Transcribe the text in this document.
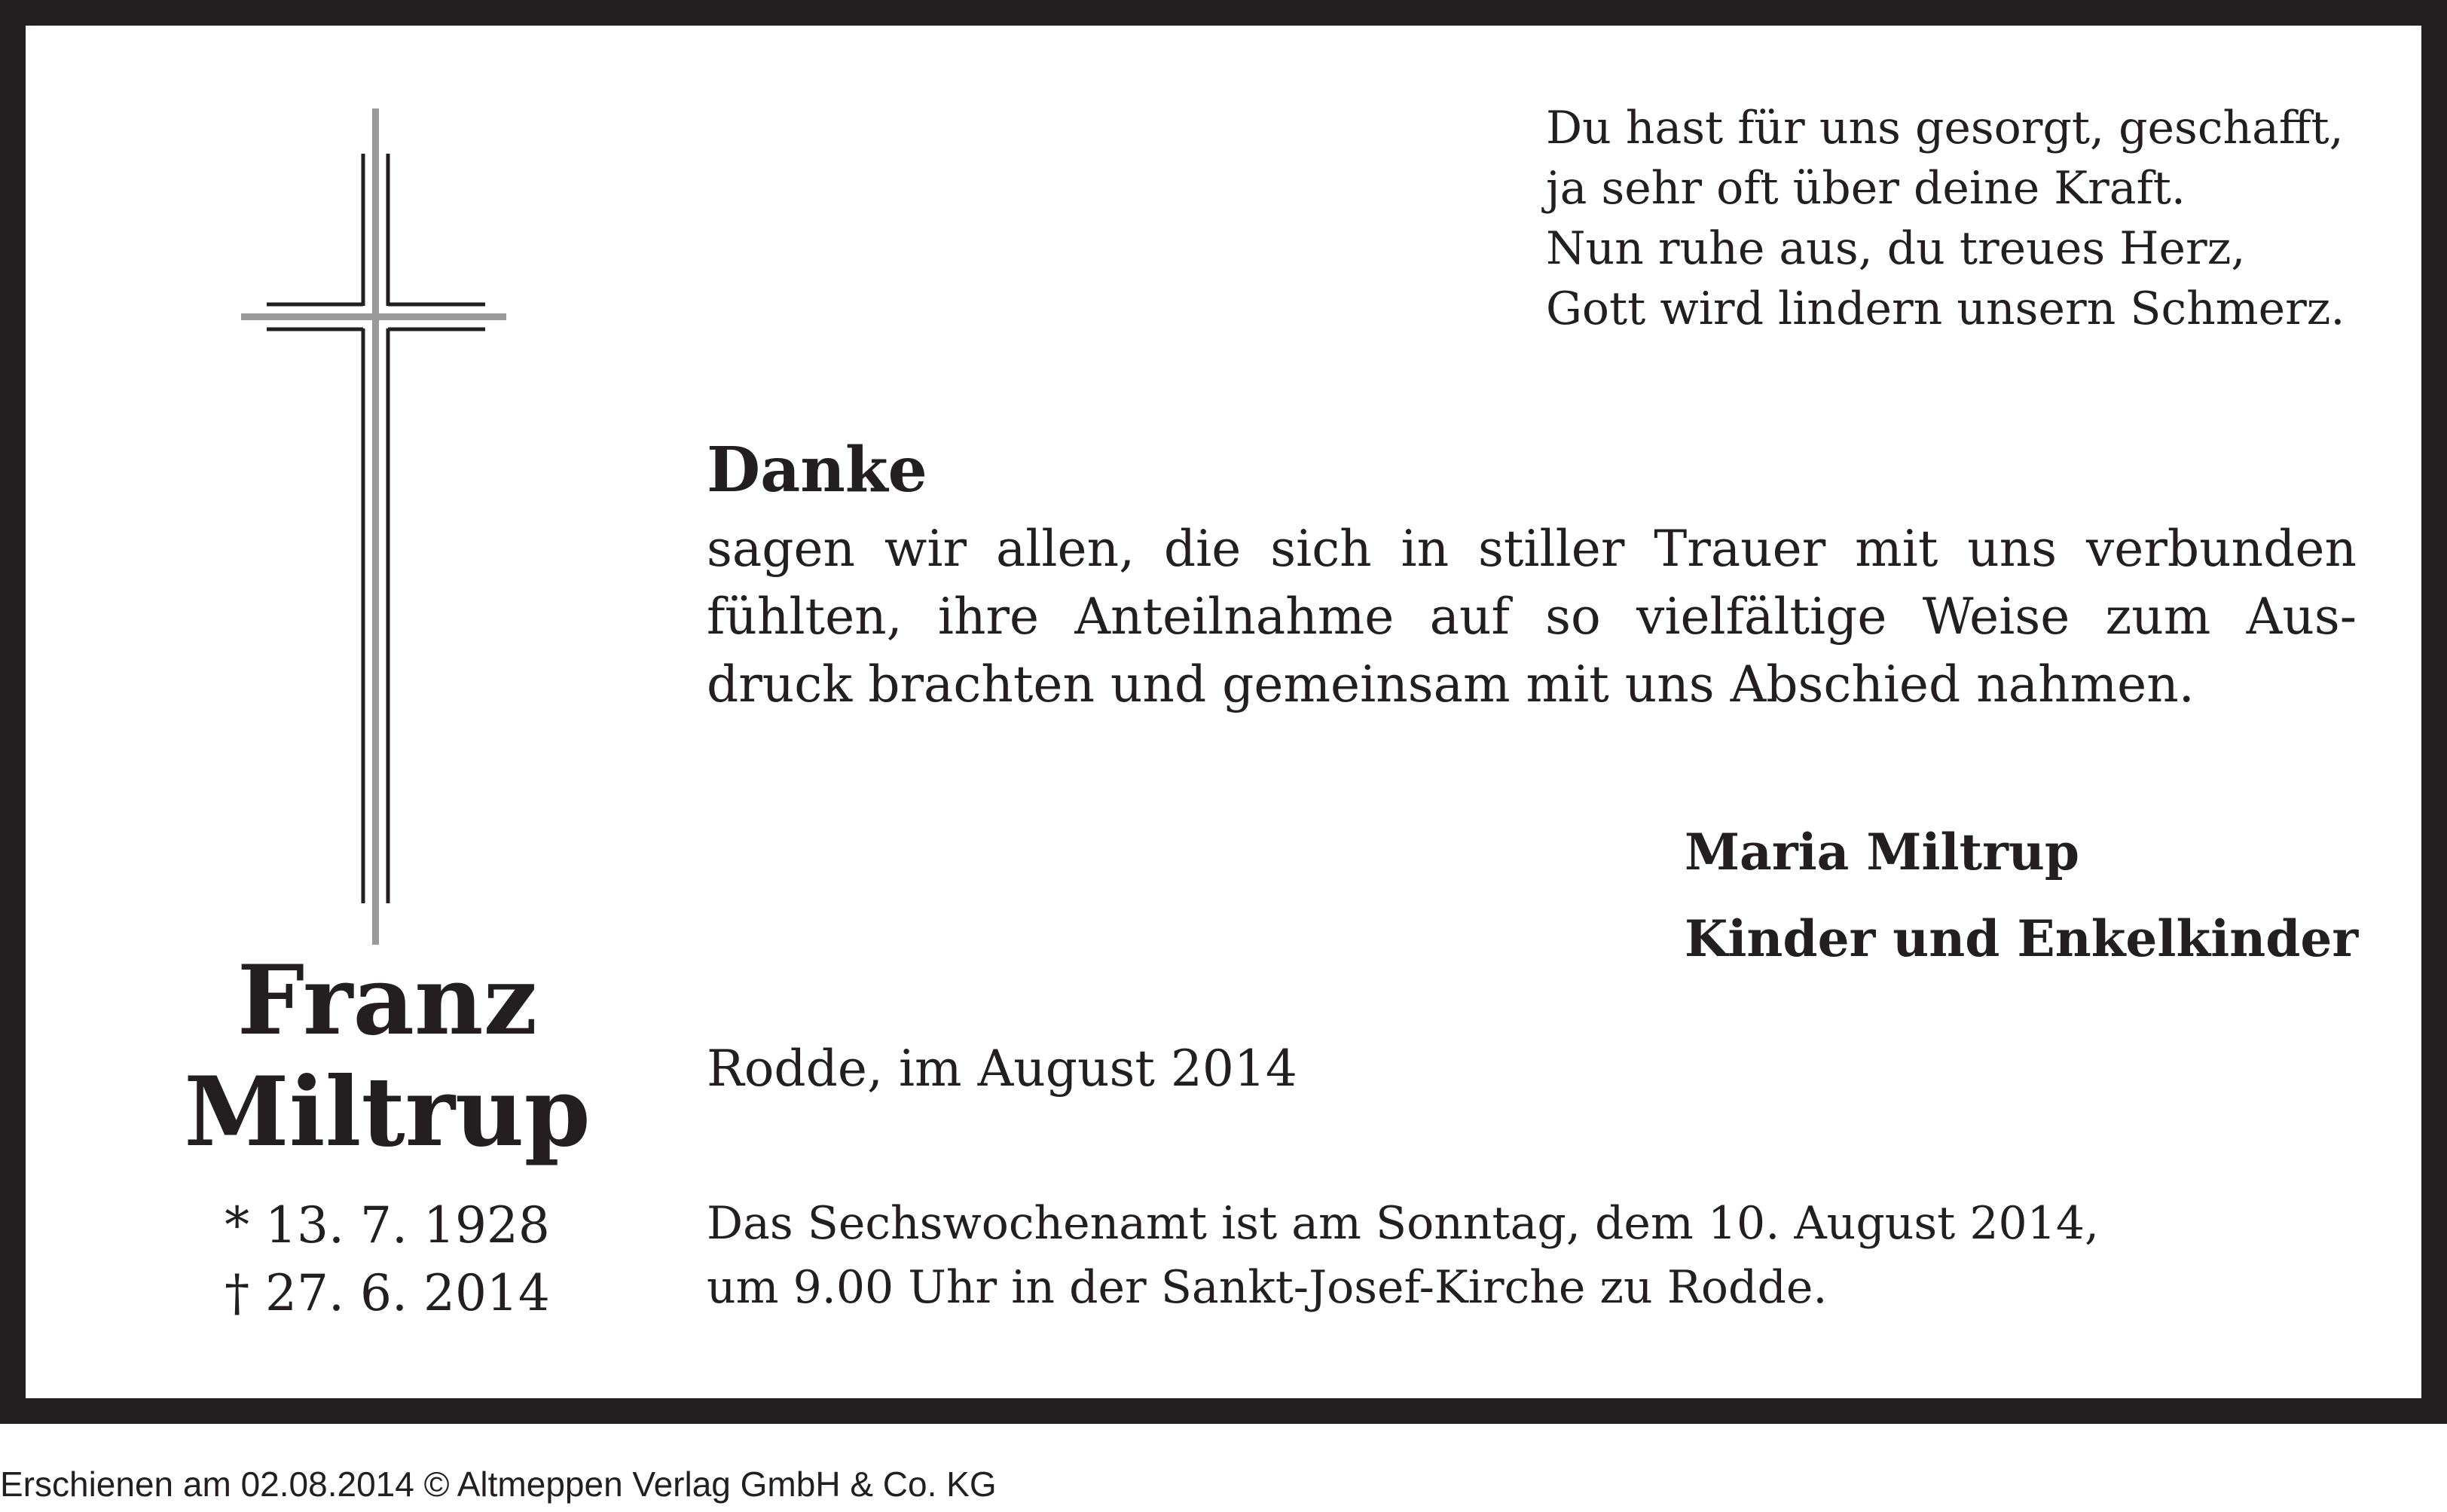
Du hast für uns gesorgt, geschafft,
ja sehr oft über deine Kraft.
Nun ruhe aus, du treues Herz,
Gott wird lindern unsern Schmerz.
Danke
sagen wir allen, die sich in stiller Trauer mit uns verbunden
fühlten, ihre Anteilnahme auf so vielfältige Weise zum Aus-
druck brachten und gemeinsam mit uns Abschied nahmen.
Maria Miltrup
Kinder und Enkelkinder
Rodde, im August 2014
Das Sechswochenamt ist am Sonntag, dem 10. August 2014,
um 9.00 Uhr in der Sankt-Josef-Kirche zu Rodde.
Franz
Miltrup
* 13. 7. 1928
† 27. 6. 2014
Erschienen am 02.08.2014 © Altmeppen Verlag GmbH & Co. KG
